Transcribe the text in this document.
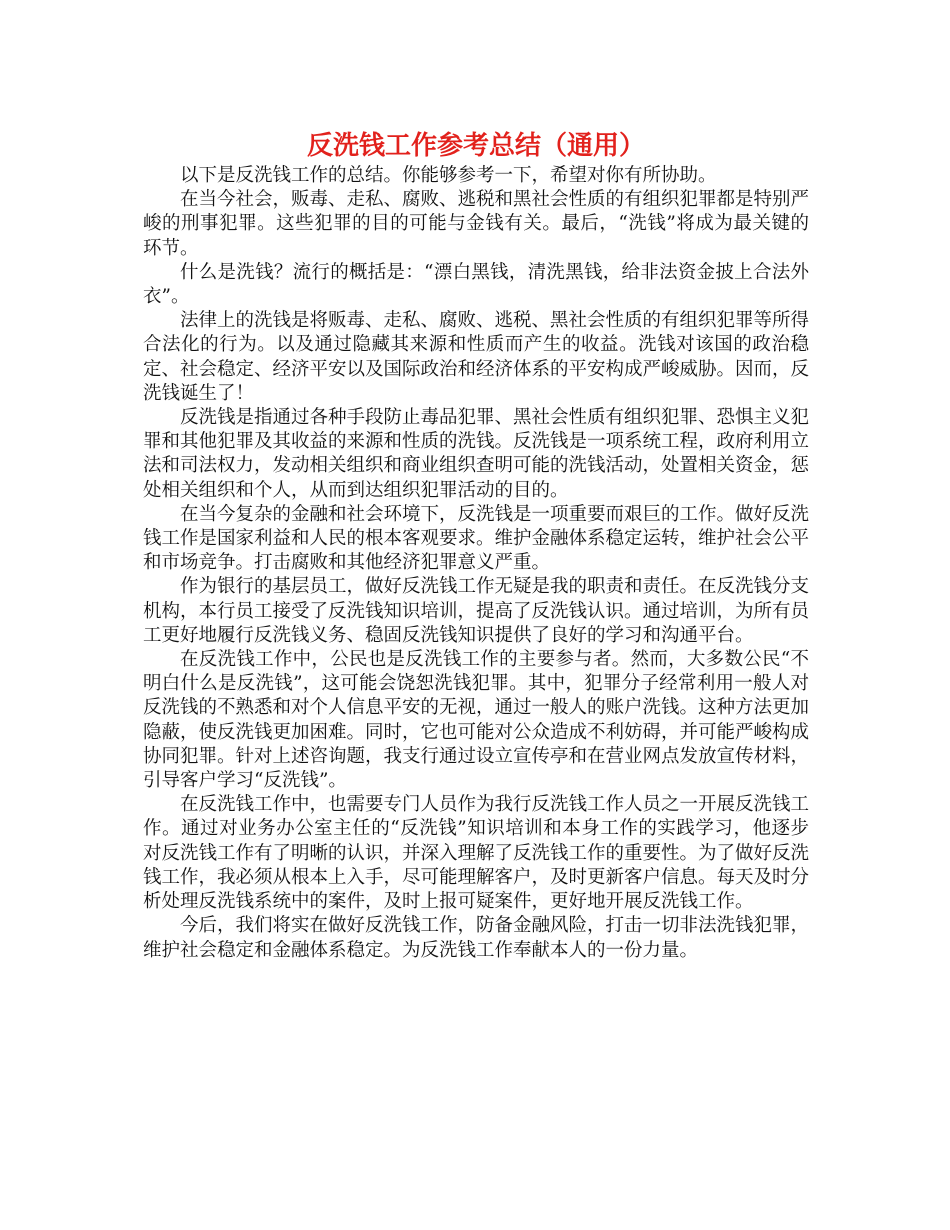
反洗钱工作参考总结（通用）

以下是反洗钱工作的总结。你能够参考一下，希望对你有所协助。

在当今社会，贩毒、走私、腐败、逃税和黑社会性质的有组织犯罪都是特别严峻的刑事犯罪。这些犯罪的目的可能与金钱有关。最后，“洗钱”将成为最关键的环节。

什么是洗钱？流行的概括是：“漂白黑钱，清洗黑钱，给非法资金披上合法外衣”。

法律上的洗钱是将贩毒、走私、腐败、逃税、黑社会性质的有组织犯罪等所得合法化的行为。以及通过隐藏其来源和性质而产生的收益。洗钱对该国的政治稳定、社会稳定、经济平安以及国际政治和经济体系的平安构成严峻威胁。因而，反洗钱诞生了！

反洗钱是指通过各种手段防止毒品犯罪、黑社会性质有组织犯罪、恐惧主义犯罪和其他犯罪及其收益的来源和性质的洗钱。反洗钱是一项系统工程，政府利用立法和司法权力，发动相关组织和商业组织查明可能的洗钱活动，处置相关资金，惩处相关组织和个人，从而到达组织犯罪活动的目的。

在当今复杂的金融和社会环境下，反洗钱是一项重要而艰巨的工作。做好反洗钱工作是国家利益和人民的根本客观要求。维护金融体系稳定运转，维护社会公平和市场竞争。打击腐败和其他经济犯罪意义严重。

作为银行的基层员工，做好反洗钱工作无疑是我的职责和责任。在反洗钱分支机构，本行员工接受了反洗钱知识培训，提高了反洗钱认识。通过培训，为所有员工更好地履行反洗钱义务、稳固反洗钱知识提供了良好的学习和沟通平台。

在反洗钱工作中，公民也是反洗钱工作的主要参与者。然而，大多数公民“不明白什么是反洗钱”，这可能会饶恕洗钱犯罪。其中，犯罪分子经常利用一般人对反洗钱的不熟悉和对个人信息平安的无视，通过一般人的账户洗钱。这种方法更加隐蔽，使反洗钱更加困难。同时，它也可能对公众造成不利妨碍，并可能严峻构成协同犯罪。针对上述咨询题，我支行通过设立宣传亭和在营业网点发放宣传材料，引导客户学习“反洗钱”。

在反洗钱工作中，也需要专门人员作为我行反洗钱工作人员之一开展反洗钱工作。通过对业务办公室主任的“反洗钱”知识培训和本身工作的实践学习，他逐步对反洗钱工作有了明晰的认识，并深入理解了反洗钱工作的重要性。为了做好反洗钱工作，我必须从根本上入手，尽可能理解客户，及时更新客户信息。每天及时分析处理反洗钱系统中的案件，及时上报可疑案件，更好地开展反洗钱工作。

今后，我们将实在做好反洗钱工作，防备金融风险，打击一切非法洗钱犯罪，维护社会稳定和金融体系稳定。为反洗钱工作奉献本人的一份力量。
